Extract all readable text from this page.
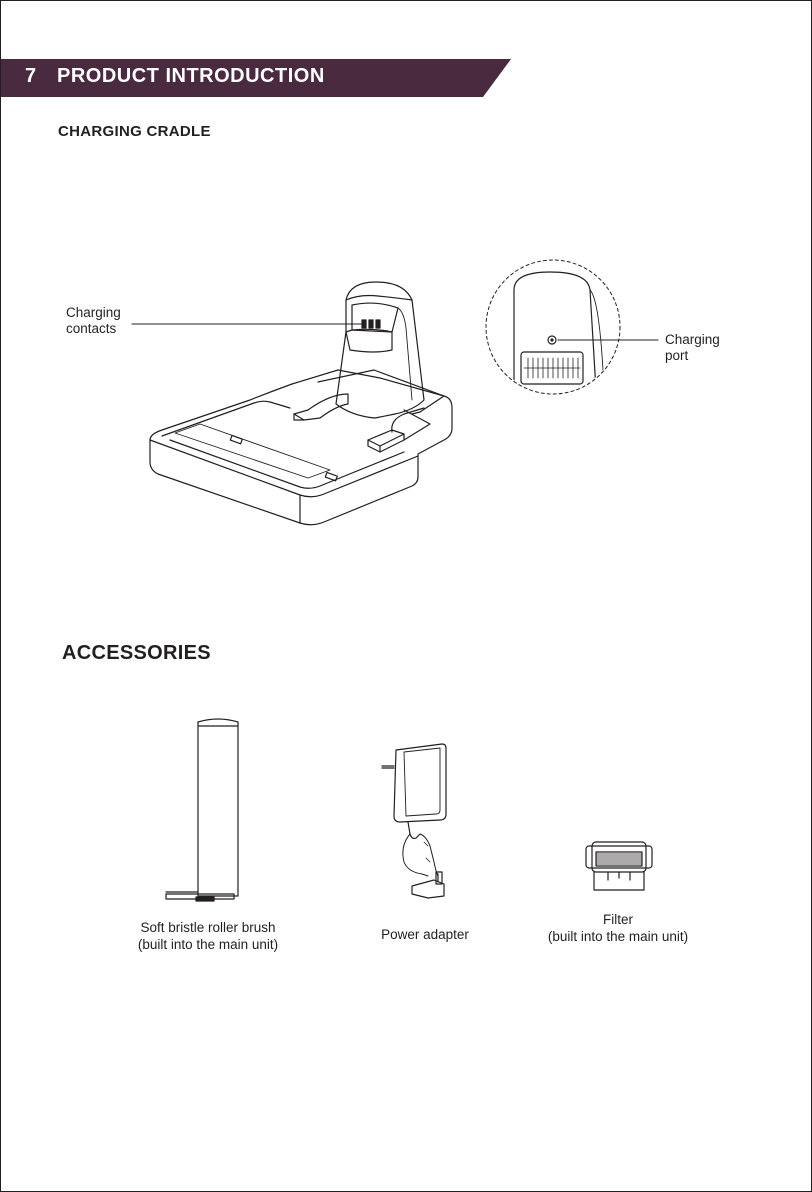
7 PRODUCT INTRODUCTION
CHARGING CRADLE
Charging
contacts
Charging
port
ACCESSORIES
Soft bristle roller brush
(built into the main unit)
Power adapter
Filter
(built into the main unit)
